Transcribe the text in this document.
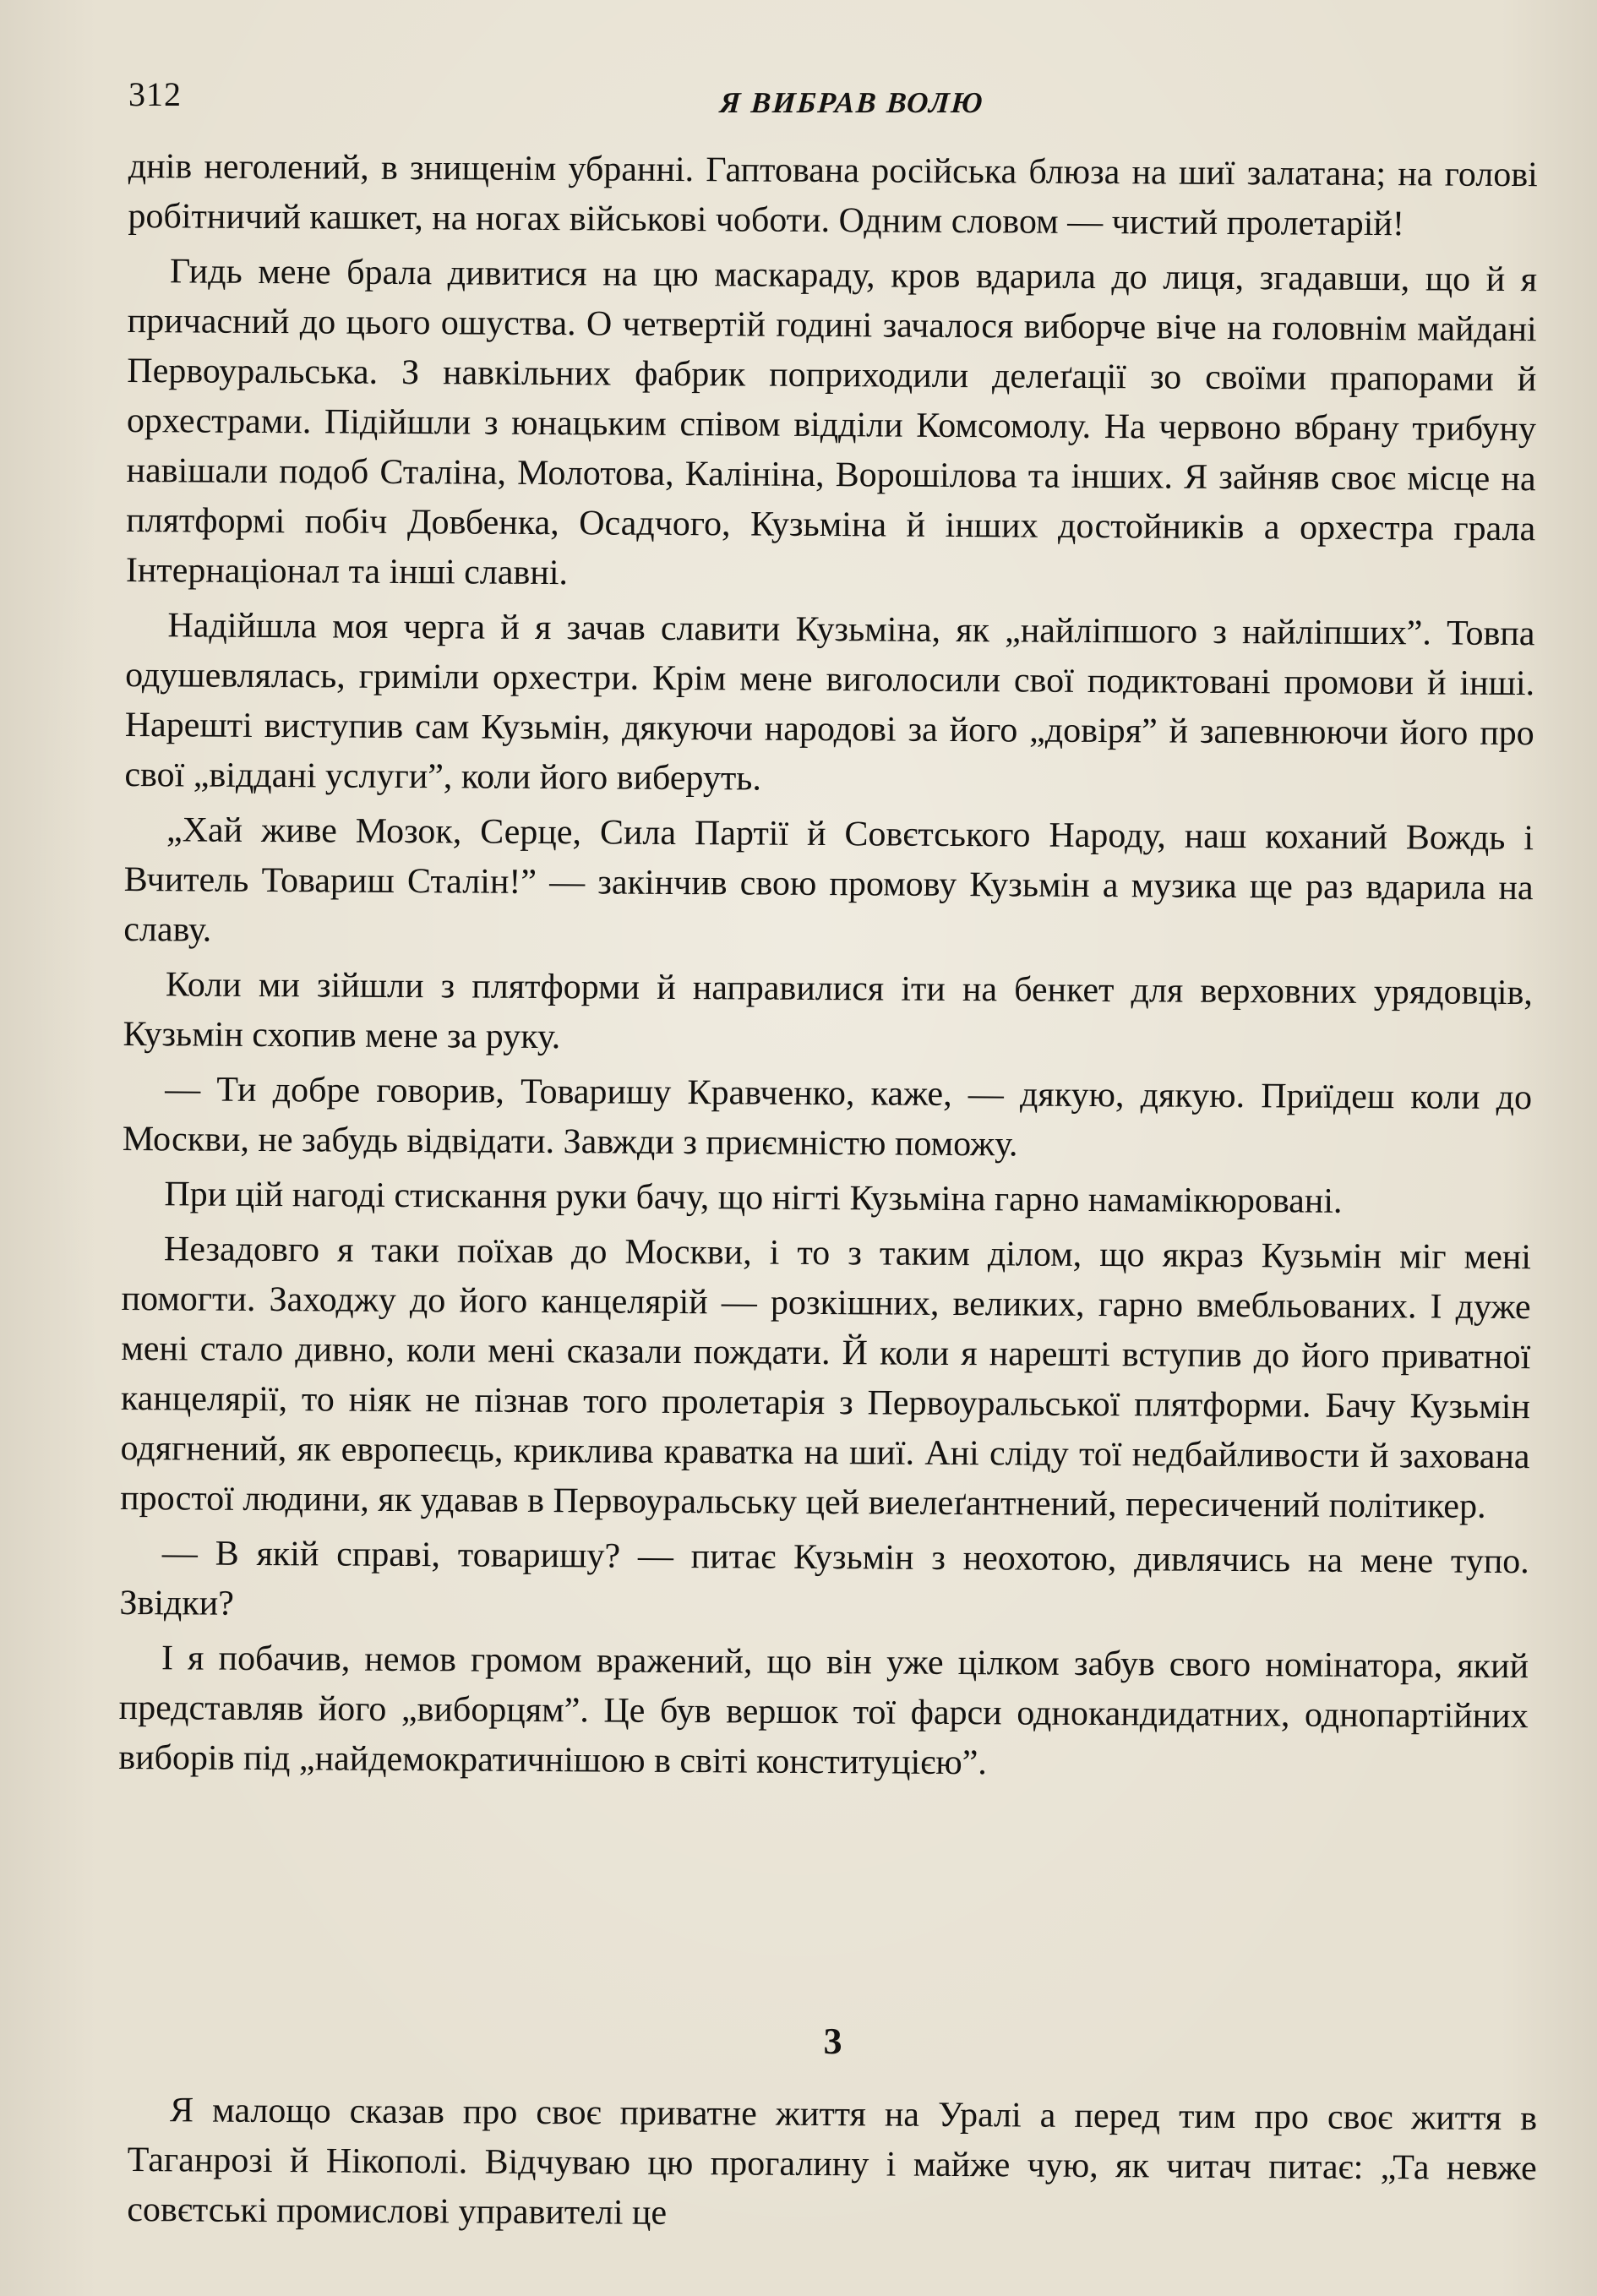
312	Я ВИБРАВ ВОЛЮ

днів неголений, в знищенім убранні. Гаптована російська блюза на шиї залатана; на голові робітничий кашкет, на ногах військові чоботи. Одним словом — чистий пролетарій!

Гидь мене брала дивитися на цю маскараду, кров вдарила до лиця, згадавши, що й я причасний до цього ошуства. О четвертій годині зачалося виборче віче на головнім майдані Первоуральська. З навкільних фабрик поприходили делеґації зо своїми прапорами й орхестрами. Підійшли з юнацьким співом відділи Комсомолу. На червоно вбрану трибуну навішали подоб Сталіна, Молотова, Калініна, Ворошілова та інших. Я зайняв своє місце на плятформі побіч Довбенка, Осадчого, Кузьміна й інших достойників а орхестра грала Інтернаціонал та інші славні.

Надійшла моя черга й я зачав славити Кузьміна, як „найліпшого з найліпших”. Товпа одушевлялась, гриміли орхестри. Крім мене виголосили свої подиктовані промови й інші. Нарешті виступив сам Кузьмін, дякуючи народові за його „довіря” й запевнюючи його про свої „віддані услуги”, коли його виберуть.

„Хай живе Мозок, Серце, Сила Партії й Совєтського Народу, наш коханий Вождь і Вчитель Товариш Сталін!” — закінчив свою промову Кузьмін а музика ще раз вдарила на славу.

Коли ми зійшли з плятформи й направилися іти на бенкет для верховних урядовців, Кузьмін схопив мене за руку.

— Ти добре говорив, Товаришу Кравченко, каже, — дякую, дякую. Приїдеш коли до Москви, не забудь відвідати. Завжди з приємністю поможу.

При цій нагоді стискання руки бачу, що нігті Кузьміна гарно намамікюровані.

Незадовго я таки поїхав до Москви, і то з таким ділом, що якраз Кузьмін міг мені помогти. Заходжу до його канцелярій — розкішних, великих, гарно вмебльованих. І дуже мені стало дивно, коли мені сказали пождати. Й коли я нарешті вступив до його приватної канцелярії, то ніяк не пізнав того пролетарія з Первоуральської плятформи. Бачу Кузьмін одягнений, як европеєць, криклива краватка на шиї. Ані сліду тої недбайливости й захована простої людини, як удавав в Первоуральську цей виелеґантнений, пересичений політикер.

— В якій справі, товаришу? — питає Кузьмін з неохотою, дивлячись на мене тупо. Звідки?

І я побачив, немов громом вражений, що він уже цілком забув свого номінатора, який представляв його „виборцям”. Це був вершок тої фарси однокандидатних, однопартійних виборів під „найдемократичнішою в світі конституцією”.

3

Я малощо сказав про своє приватне життя на Уралі а перед тим про своє життя в Таганрозі й Нікополі. Відчуваю цю прогалину і майже чую, як читач питає: „Та невже совєтські промислові управителі це
